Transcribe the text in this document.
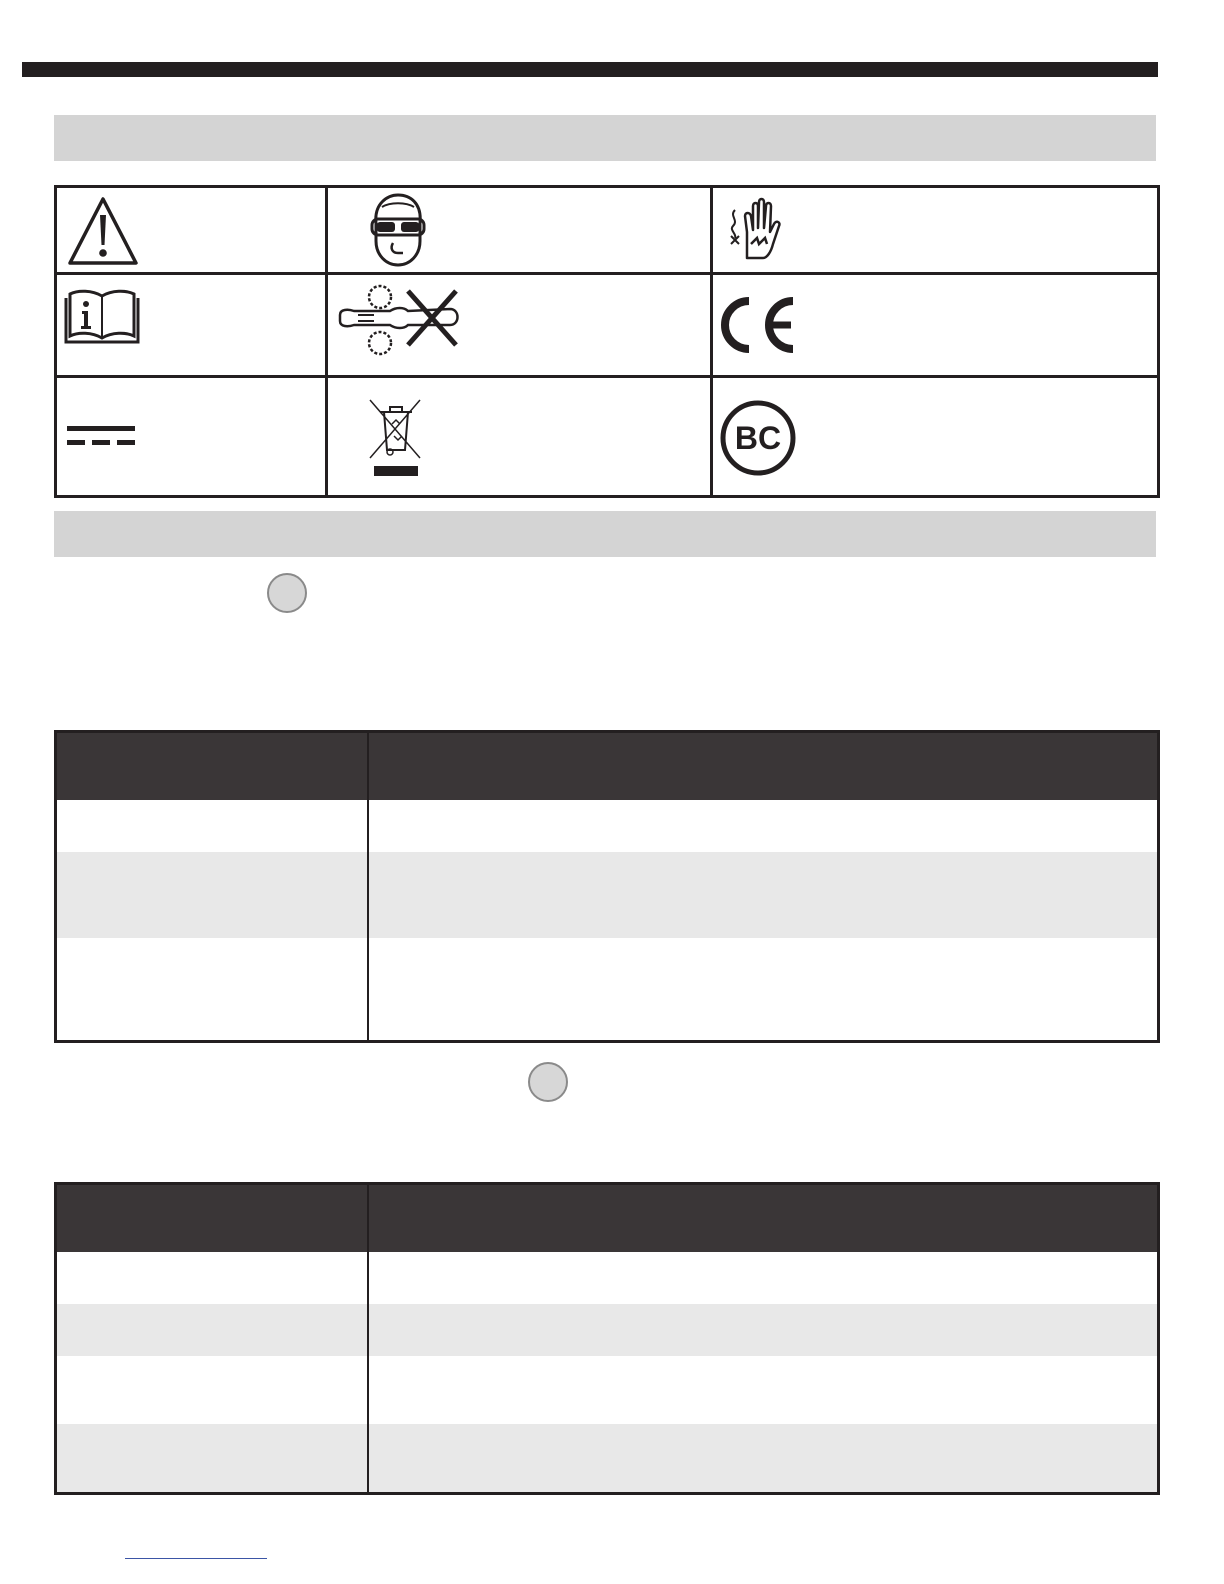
BC
